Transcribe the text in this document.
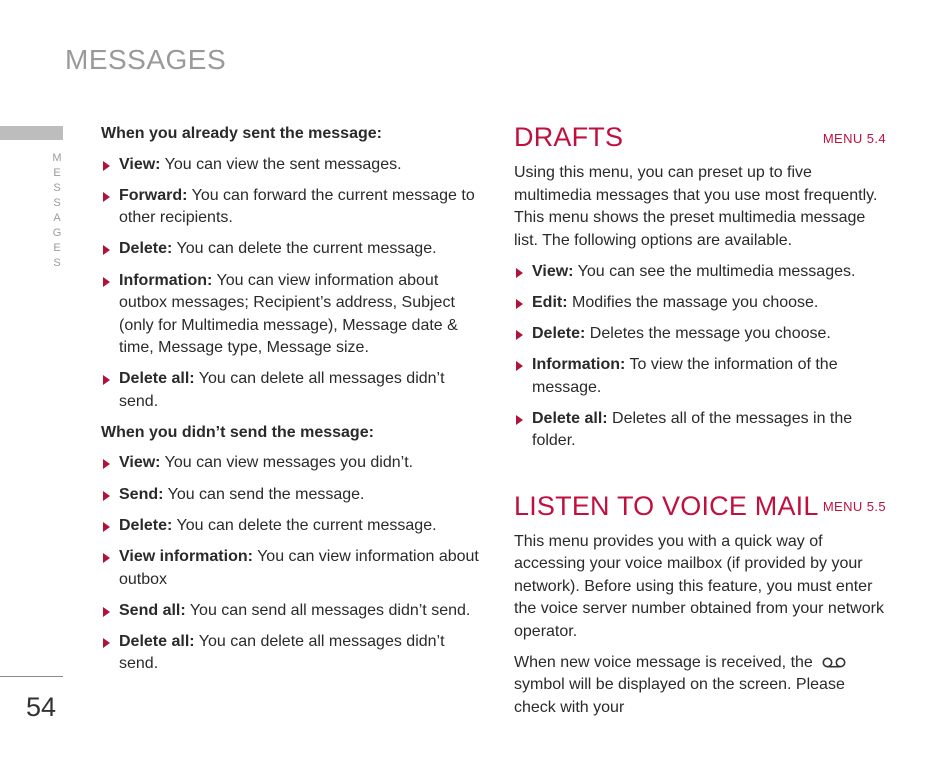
MESSAGES
MESSAGES
54
When you already sent the message:
View: You can view the sent messages.
Forward: You can forward the current message to other recipients.
Delete: You can delete the current message.
Information: You can view information about outbox messages; Recipient’s address, Subject (only for Multimedia message), Message date & time, Message type, Message size.
Delete all: You can delete all messages didn’t send.
When you didn’t send the message:
View: You can view messages you didn’t.
Send: You can send the message.
Delete: You can delete the current message.
View information: You can view information about outbox
Send all: You can send all messages didn’t send.
Delete all: You can delete all messages didn’t send.
DRAFTS	MENU 5.4
Using this menu, you can preset up to five multimedia messages that you use most frequently. This menu shows the preset multimedia message list. The following options are available.
View: You can see the multimedia messages.
Edit: Modifies the massage you choose.
Delete: Deletes the message you choose.
Information: To view the information of the message.
Delete all: Deletes all of the messages in the folder.
LISTEN TO VOICE MAIL MENU 5.5
This menu provides you with a quick way of accessing your voice mailbox (if provided by your network). Before using this feature, you must enter the voice server number obtained from your network operator.
When new voice message is received, thesymbol will be displayed on the screen. Please check with your
